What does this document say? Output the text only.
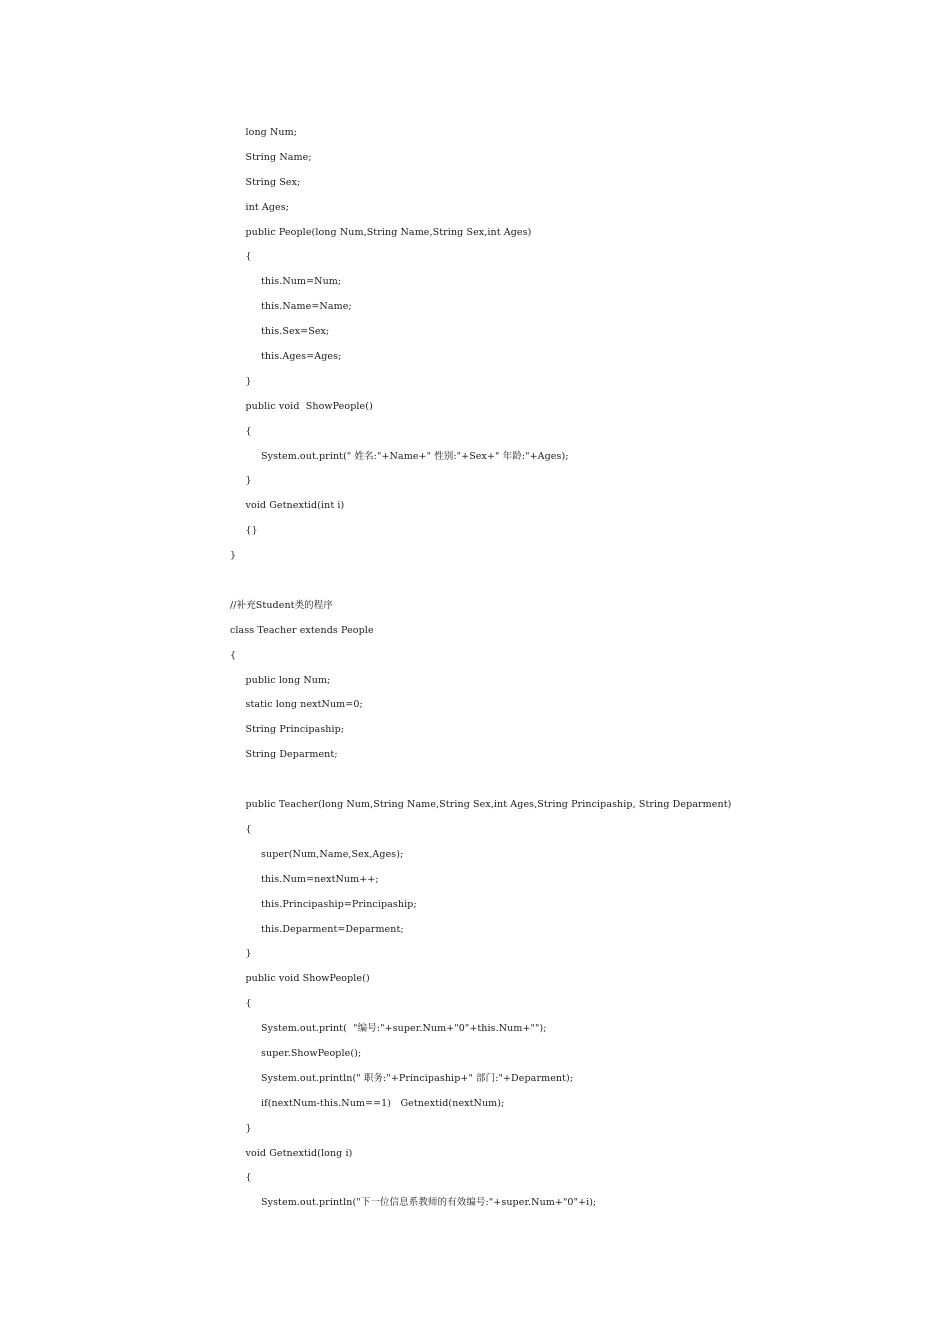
long Num;
String Name;
String Sex;
int Ages;
public People(long Num,String Name,String Sex,int Ages)
{
this.Num=Num;
this.Name=Name;
this.Sex=Sex;
this.Ages=Ages;
}
public void  ShowPeople()
{
System.out.print(" 姓名:"+Name+" 性别:"+Sex+" 年龄:"+Ages);
}
void Getnextid(int i)
{}
}
//补充Student类的程序
class Teacher extends People
{
public long Num;
static long nextNum=0;
String Principaship;
String Deparment;
public Teacher(long Num,String Name,String Sex,int Ages,String Principaship, String Deparment)
{
super(Num,Name,Sex,Ages);
this.Num=nextNum++;
this.Principaship=Principaship;
this.Deparment=Deparment;
}
public void ShowPeople()
{
System.out.print(  "编号:"+super.Num+"0"+this.Num+"");
super.ShowPeople();
System.out.println(" 职务:"+Principaship+" 部门:"+Deparment);
if(nextNum-this.Num==1)   Getnextid(nextNum);
}
void Getnextid(long i)
{
System.out.println("下一位信息系教师的有效编号:"+super.Num+"0"+i);
